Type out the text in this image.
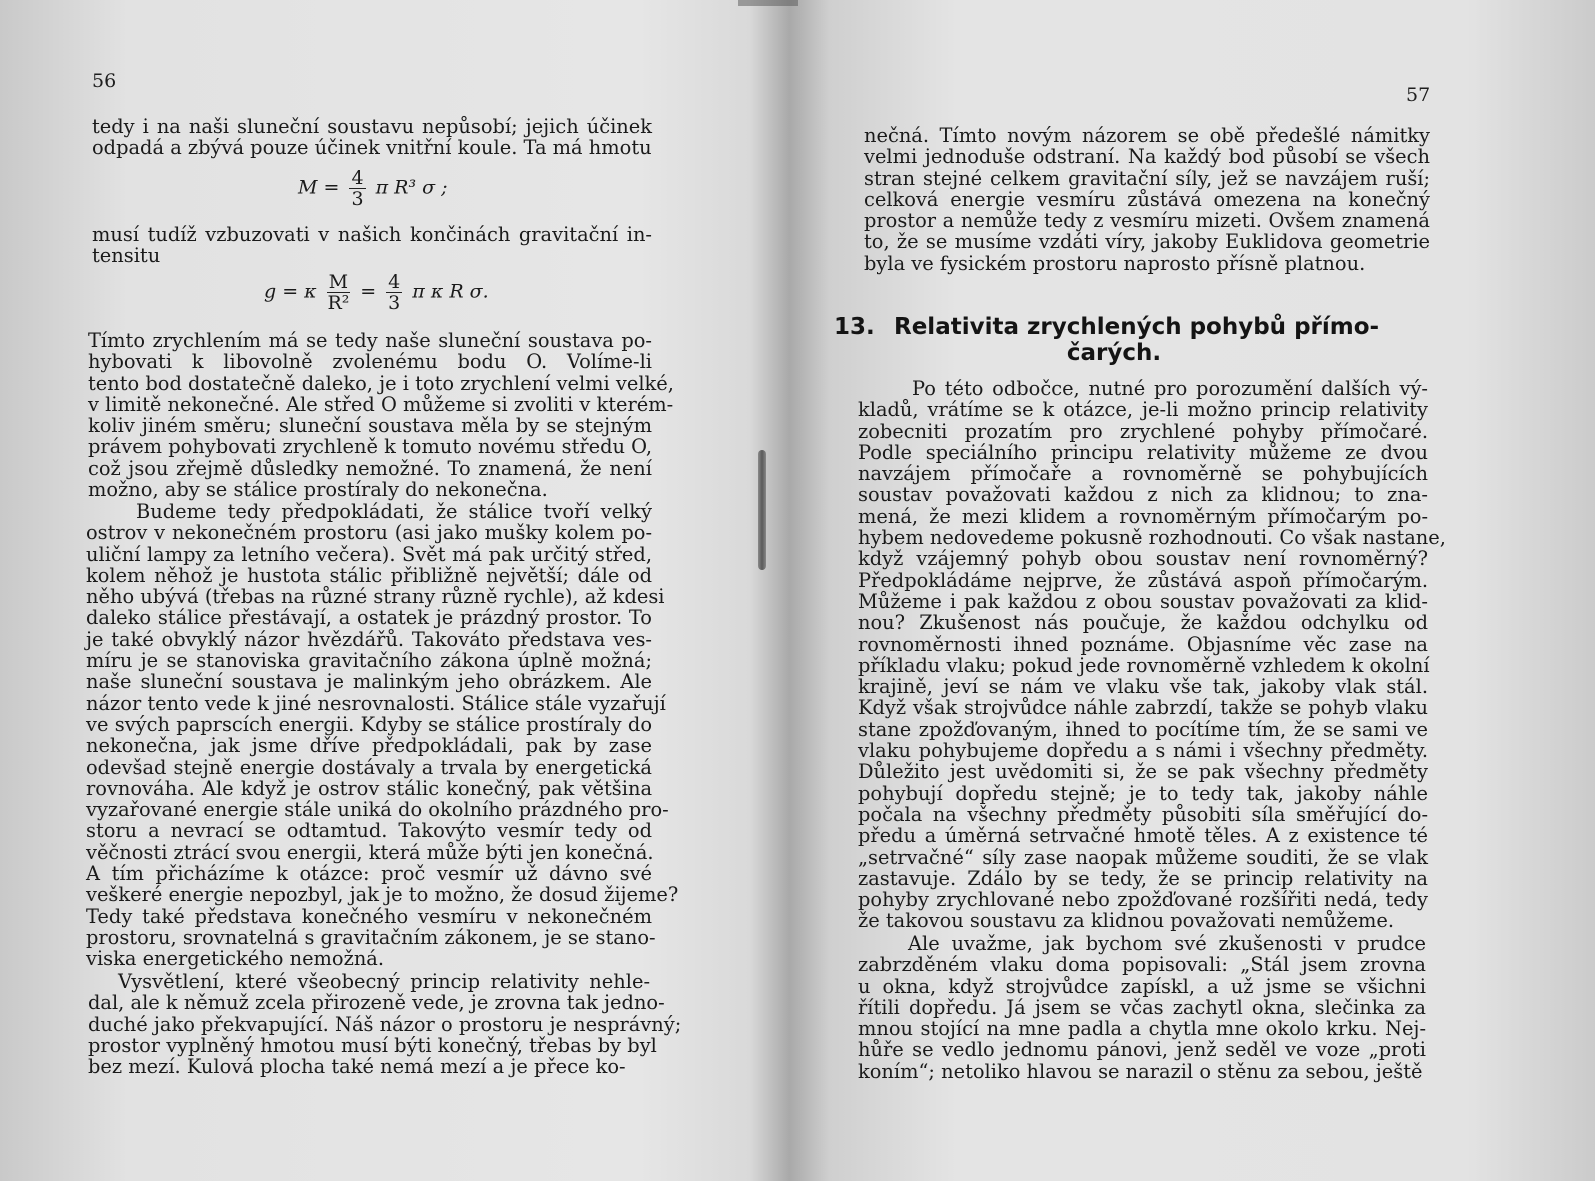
56
tedy i na naši sluneční soustavu nepůsobí; jejich účinek
odpadá a zbývá pouze účinek vnitřní koule. Ta má hmotu
$M = \frac{4}{3}$ π R³ σ ;
musí tudíž vzbuzovati v našich končinách gravitační in-
tensitu
g = κ $\frac{M}{\text{R²}} = \frac{4}{3}$ π κ R σ.
Tímto zrychlením má se tedy naše sluneční soustava po-
hybovati k libovolně zvolenému bodu O. Volíme-li
tento bod dostatečně daleko, je i toto zrychlení velmi velké,
v limitě nekonečné. Ale střed O můžeme si zvoliti v kterém-
koliv jiném směru; sluneční soustava měla by se stejným
právem pohybovati zrychleně k tomuto novému středu O,
což jsou zřejmě důsledky nemožné. To znamená, že není
možno, aby se stálice prostíraly do nekonečna.
Budeme tedy předpokládati, že stálice tvoří velký
ostrov v nekonečném prostoru (asi jako mušky kolem po-
uliční lampy za letního večera). Svět má pak určitý střed,
kolem něhož je hustota stálic přibližně největší; dále od
něho ubývá (třebas na různé strany různě rychle), až kdesi
daleko stálice přestávají, a ostatek je prázdný prostor. To
je také obvyklý názor hvězdářů. Takováto představa ves-
míru je se stanoviska gravitačního zákona úplně možná;
naše sluneční soustava je malinkým jeho obrázkem. Ale
názor tento vede k jiné nesrovnalosti. Stálice stále vyzařují
ve svých paprscích energii. Kdyby se stálice prostíraly do
nekonečna, jak jsme dříve předpokládali, pak by zase
odevšad stejně energie dostávaly a trvala by energetická
rovnováha. Ale když je ostrov stálic konečný, pak většina
vyzařované energie stále uniká do okolního prázdného pro-
storu a nevrací se odtamtud. Takovýto vesmír tedy od
věčnosti ztrácí svou energii, která může býti jen konečná.
A tím přicházíme k otázce: proč vesmír už dávno své
veškeré energie nepozbyl, jak je to možno, že dosud žijeme?
Tedy také představa konečného vesmíru v nekonečném
prostoru, srovnatelná s gravitačním zákonem, je se stano-
viska energetického nemožná.
Vysvětlení, které všeobecný princip relativity nehle-
dal, ale k němuž zcela přirozeně vede, je zrovna tak jedno-
duché jako překvapující. Náš názor o prostoru je nesprávný;
prostor vyplněný hmotou musí býti konečný, třebas by byl
bez mezí. Kulová plocha také nemá mezí a je přece ko-
57
nečná. Tímto novým názorem se obě předešlé námitky
velmi jednoduše odstraní. Na každý bod působí se všech
stran stejné celkem gravitační síly, jež se navzájem ruší;
celková energie vesmíru zůstává omezena na konečný
prostor a nemůže tedy z vesmíru mizeti. Ovšem znamená
to, že se musíme vzdáti víry, jakoby Euklidova geometrie
byla ve fysickém prostoru naprosto přísně platnou.
13. Relativita zrychlených pohybů přímo-

čarých.
Po této odbočce, nutné pro porozumění dalších vý-
kladů, vrátíme se k otázce, je-li možno princip relativity
zobecniti prozatím pro zrychlené pohyby přímočaré.
Podle speciálního principu relativity můžeme ze dvou
navzájem přímočaře a rovnoměrně se pohybujících
soustav považovati každou z nich za klidnou; to zna-
mená, že mezi klidem a rovnoměrným přímočarým po-
hybem nedovedeme pokusně rozhodnouti. Co však nastane,
když vzájemný pohyb obou soustav není rovnoměrný?
Předpokládáme nejprve, že zůstává aspoň přímočarým.
Můžeme i pak každou z obou soustav považovati za klid-
nou? Zkušenost nás poučuje, že každou odchylku od
rovnoměrnosti ihned poznáme. Objasníme věc zase na
příkladu vlaku; pokud jede rovnoměrně vzhledem k okolní
krajině, jeví se nám ve vlaku vše tak, jakoby vlak stál.
Když však strojvůdce náhle zabrzdí, takže se pohyb vlaku
stane zpožďovaným, ihned to pocítíme tím, že se sami ve
vlaku pohybujeme dopředu a s námi i všechny předměty.
Důležito jest uvědomiti si, že se pak všechny předměty
pohybují dopředu stejně; je to tedy tak, jakoby náhle
počala na všechny předměty působiti síla směřující do-
předu a úměrná setrvačné hmotě těles. A z existence té
„setrvačné“ síly zase naopak můžeme souditi, že se vlak
zastavuje. Zdálo by se tedy, že se princip relativity na
pohyby zrychlované nebo zpožďované rozšířiti nedá, tedy
že takovou soustavu za klidnou považovati nemůžeme.
Ale uvažme, jak bychom své zkušenosti v prudce
zabrzděném vlaku doma popisovali: „Stál jsem zrovna
u okna, když strojvůdce zapískl, a už jsme se všichni
řítili dopředu. Já jsem se včas zachytl okna, slečinka za
mnou stojící na mne padla a chytla mne okolo krku. Nej-
hůře se vedlo jednomu pánovi, jenž seděl ve voze „proti
koním“; netoliko hlavou se narazil o stěnu za sebou, ještě
